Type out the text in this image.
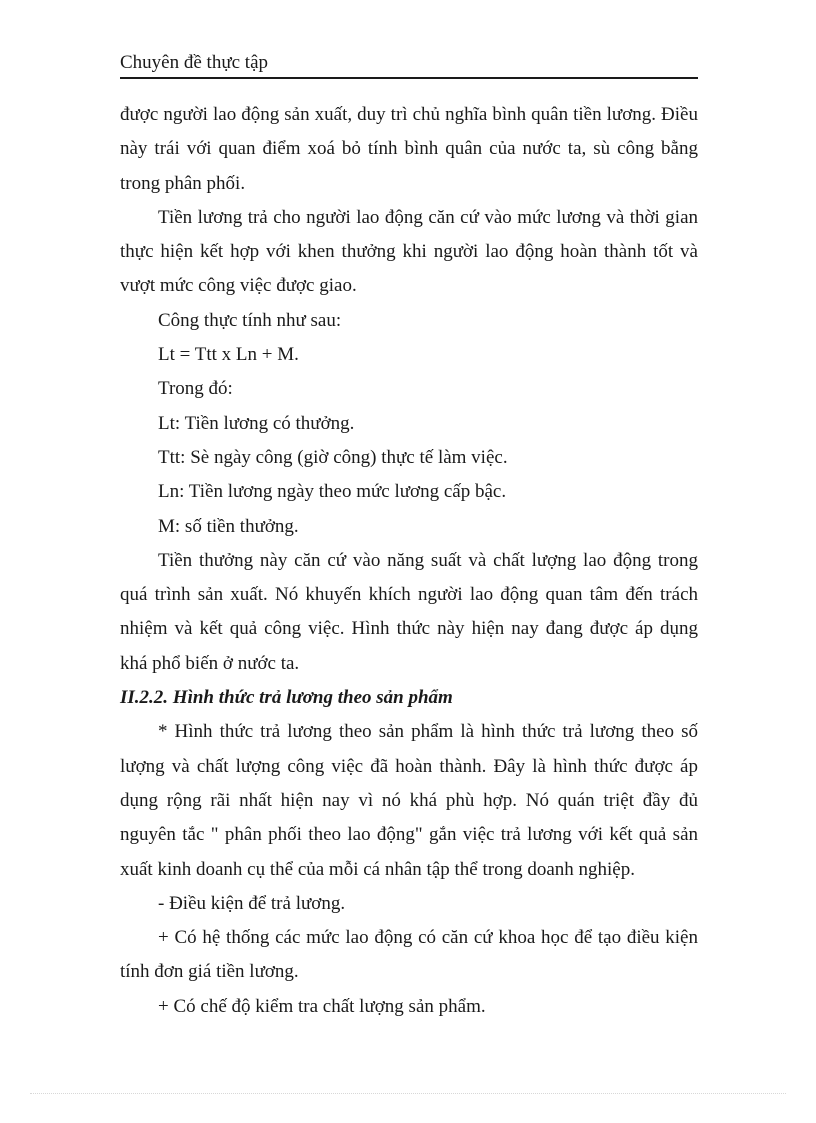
Chuyên đề thực tập

được người lao động sản xuất, duy trì chủ nghĩa bình quân tiền lương. Điều này trái với quan điểm xoá bỏ tính bình quân của nước ta, sù công bằng trong phân phối.

Tiền lương trả cho người lao động căn cứ vào mức lương và thời gian thực hiện kết hợp với khen thưởng khi người lao động hoàn thành tốt và vượt mức công việc được giao.

Công thực tính như sau:

Lt = Ttt x Ln + M.

Trong đó:

Lt: Tiền lương có thưởng.

Ttt: Sè ngày công (giờ công) thực tế làm việc.

Ln: Tiền lương ngày theo mức lương cấp bậc.

M: số tiền thưởng.

Tiền thưởng này căn cứ vào năng suất và chất lượng lao động trong quá trình sản xuất. Nó khuyến khích người lao động quan tâm đến trách nhiệm và kết quả công việc. Hình thức này hiện nay đang được áp dụng khá phổ biến ở nước ta.

II.2.2. Hình thức trả lương theo sản phẩm

* Hình thức trả lương theo sản phẩm là hình thức trả lương theo số lượng và chất lượng công việc đã hoàn thành. Đây là hình thức được áp dụng rộng rãi nhất hiện nay vì nó khá phù hợp. Nó quán triệt đầy đủ nguyên tắc " phân phối theo lao động" gắn việc trả lương với kết quả sản xuất kinh doanh cụ thể của mỗi cá nhân tập thể trong doanh nghiệp.

- Điều kiện để trả lương.

+ Có hệ thống các mức lao động có căn cứ khoa học để tạo điều kiện tính đơn giá tiền lương.

+ Có chế độ kiểm tra chất lượng sản phẩm.
